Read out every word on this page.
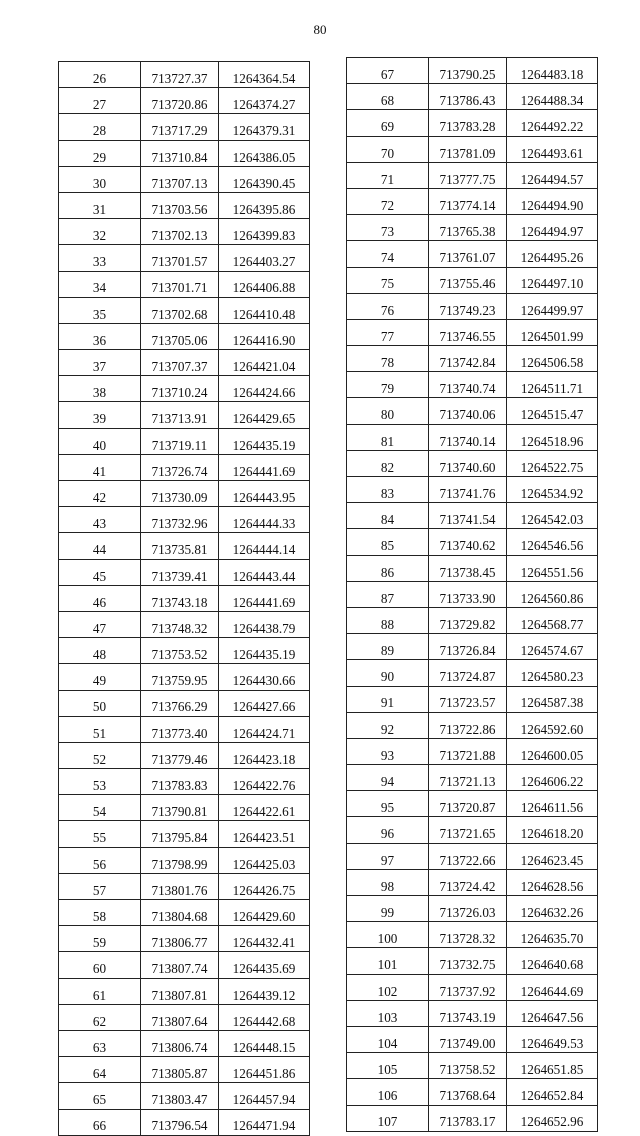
80
26	713727.37	1264364.54
27	713720.86	1264374.27
28	713717.29	1264379.31
29	713710.84	1264386.05
30	713707.13	1264390.45
31	713703.56	1264395.86
32	713702.13	1264399.83
33	713701.57	1264403.27
34	713701.71	1264406.88
35	713702.68	1264410.48
36	713705.06	1264416.90
37	713707.37	1264421.04
38	713710.24	1264424.66
39	713713.91	1264429.65
40	713719.11	1264435.19
41	713726.74	1264441.69
42	713730.09	1264443.95
43	713732.96	1264444.33
44	713735.81	1264444.14
45	713739.41	1264443.44
46	713743.18	1264441.69
47	713748.32	1264438.79
48	713753.52	1264435.19
49	713759.95	1264430.66
50	713766.29	1264427.66
51	713773.40	1264424.71
52	713779.46	1264423.18
53	713783.83	1264422.76
54	713790.81	1264422.61
55	713795.84	1264423.51
56	713798.99	1264425.03
57	713801.76	1264426.75
58	713804.68	1264429.60
59	713806.77	1264432.41
60	713807.74	1264435.69
61	713807.81	1264439.12
62	713807.64	1264442.68
63	713806.74	1264448.15
64	713805.87	1264451.86
65	713803.47	1264457.94
66	713796.54	1264471.94
67	713790.25	1264483.18
68	713786.43	1264488.34
69	713783.28	1264492.22
70	713781.09	1264493.61
71	713777.75	1264494.57
72	713774.14	1264494.90
73	713765.38	1264494.97
74	713761.07	1264495.26
75	713755.46	1264497.10
76	713749.23	1264499.97
77	713746.55	1264501.99
78	713742.84	1264506.58
79	713740.74	1264511.71
80	713740.06	1264515.47
81	713740.14	1264518.96
82	713740.60	1264522.75
83	713741.76	1264534.92
84	713741.54	1264542.03
85	713740.62	1264546.56
86	713738.45	1264551.56
87	713733.90	1264560.86
88	713729.82	1264568.77
89	713726.84	1264574.67
90	713724.87	1264580.23
91	713723.57	1264587.38
92	713722.86	1264592.60
93	713721.88	1264600.05
94	713721.13	1264606.22
95	713720.87	1264611.56
96	713721.65	1264618.20
97	713722.66	1264623.45
98	713724.42	1264628.56
99	713726.03	1264632.26
100	713728.32	1264635.70
101	713732.75	1264640.68
102	713737.92	1264644.69
103	713743.19	1264647.56
104	713749.00	1264649.53
105	713758.52	1264651.85
106	713768.64	1264652.84
107	713783.17	1264652.96
